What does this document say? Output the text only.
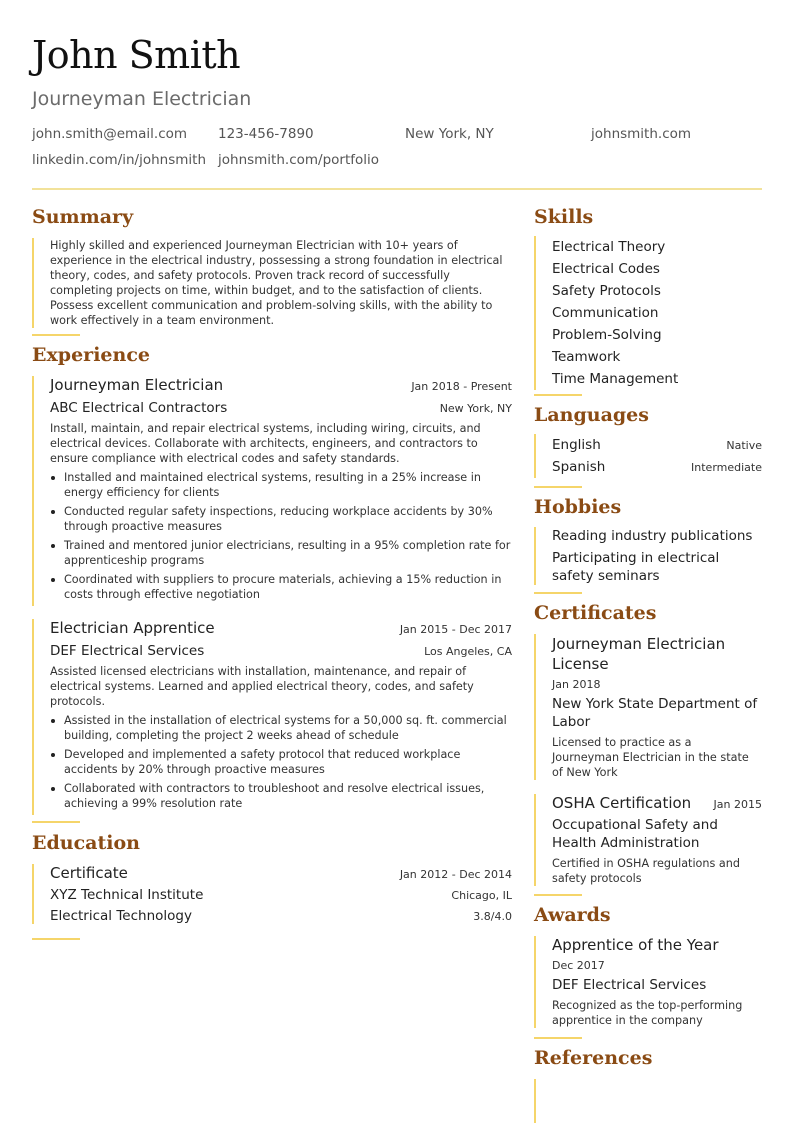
John Smith
Journeyman Electrician
john.smith@email.com 123-456-7890	New York, NY	johnsmith.com
linkedin.com/in/johnsmith johnsmith.com/portfolio
Summary
Highly skilled and experienced Journeyman Electrician with 10+ years of experience in the electrical industry, possessing a strong foundation in electrical theory, codes, and safety protocols. Proven track record of successfully completing projects on time, within budget, and to the satisfaction of clients. Possess excellent communication and problem-solving skills, with the ability to work effectively in a team environment.
Experience
Journeyman Electrician	Jan 2018 - Present
ABC Electrical Contractors	New York, NY
Install, maintain, and repair electrical systems, including wiring, circuits, and electrical devices. Collaborate with architects, engineers, and contractors to ensure compliance with electrical codes and safety standards.
Installed and maintained electrical systems, resulting in a 25% increase in energy efficiency for clients
Conducted regular safety inspections, reducing workplace accidents by 30% through proactive measures
Trained and mentored junior electricians, resulting in a 95% completion rate for apprenticeship programs
Coordinated with suppliers to procure materials, achieving a 15% reduction in costs through effective negotiation
Electrician Apprentice	Jan 2015 - Dec 2017
DEF Electrical Services	Los Angeles, CA
Assisted licensed electricians with installation, maintenance, and repair of electrical systems. Learned and applied electrical theory, codes, and safety protocols.
Assisted in the installation of electrical systems for a 50,000 sq. ft. commercial building, completing the project 2 weeks ahead of schedule
Developed and implemented a safety protocol that reduced workplace accidents by 20% through proactive measures
Collaborated with contractors to troubleshoot and resolve electrical issues, achieving a 99% resolution rate
Education
Certificate	Jan 2012 - Dec 2014
XYZ Technical Institute	Chicago, IL
Electrical Technology	3.8/4.0
Skills
Electrical Theory
Electrical Codes
Safety Protocols
Communication
Problem-Solving
Teamwork
Time Management
Languages
English	Native
Spanish	Intermediate
Hobbies
Reading industry publications
Participating in electrical safety seminars
Certificates
Journeyman Electrician License
Jan 2018
New York State Department of Labor
Licensed to practice as a Journeyman Electrician in the state of New York
OSHA Certification Jan 2015
Occupational Safety and Health Administration
Certified in OSHA regulations and safety protocols
Awards
Apprentice of the Year
Dec 2017
DEF Electrical Services
Recognized as the top-performing apprentice in the company
References
